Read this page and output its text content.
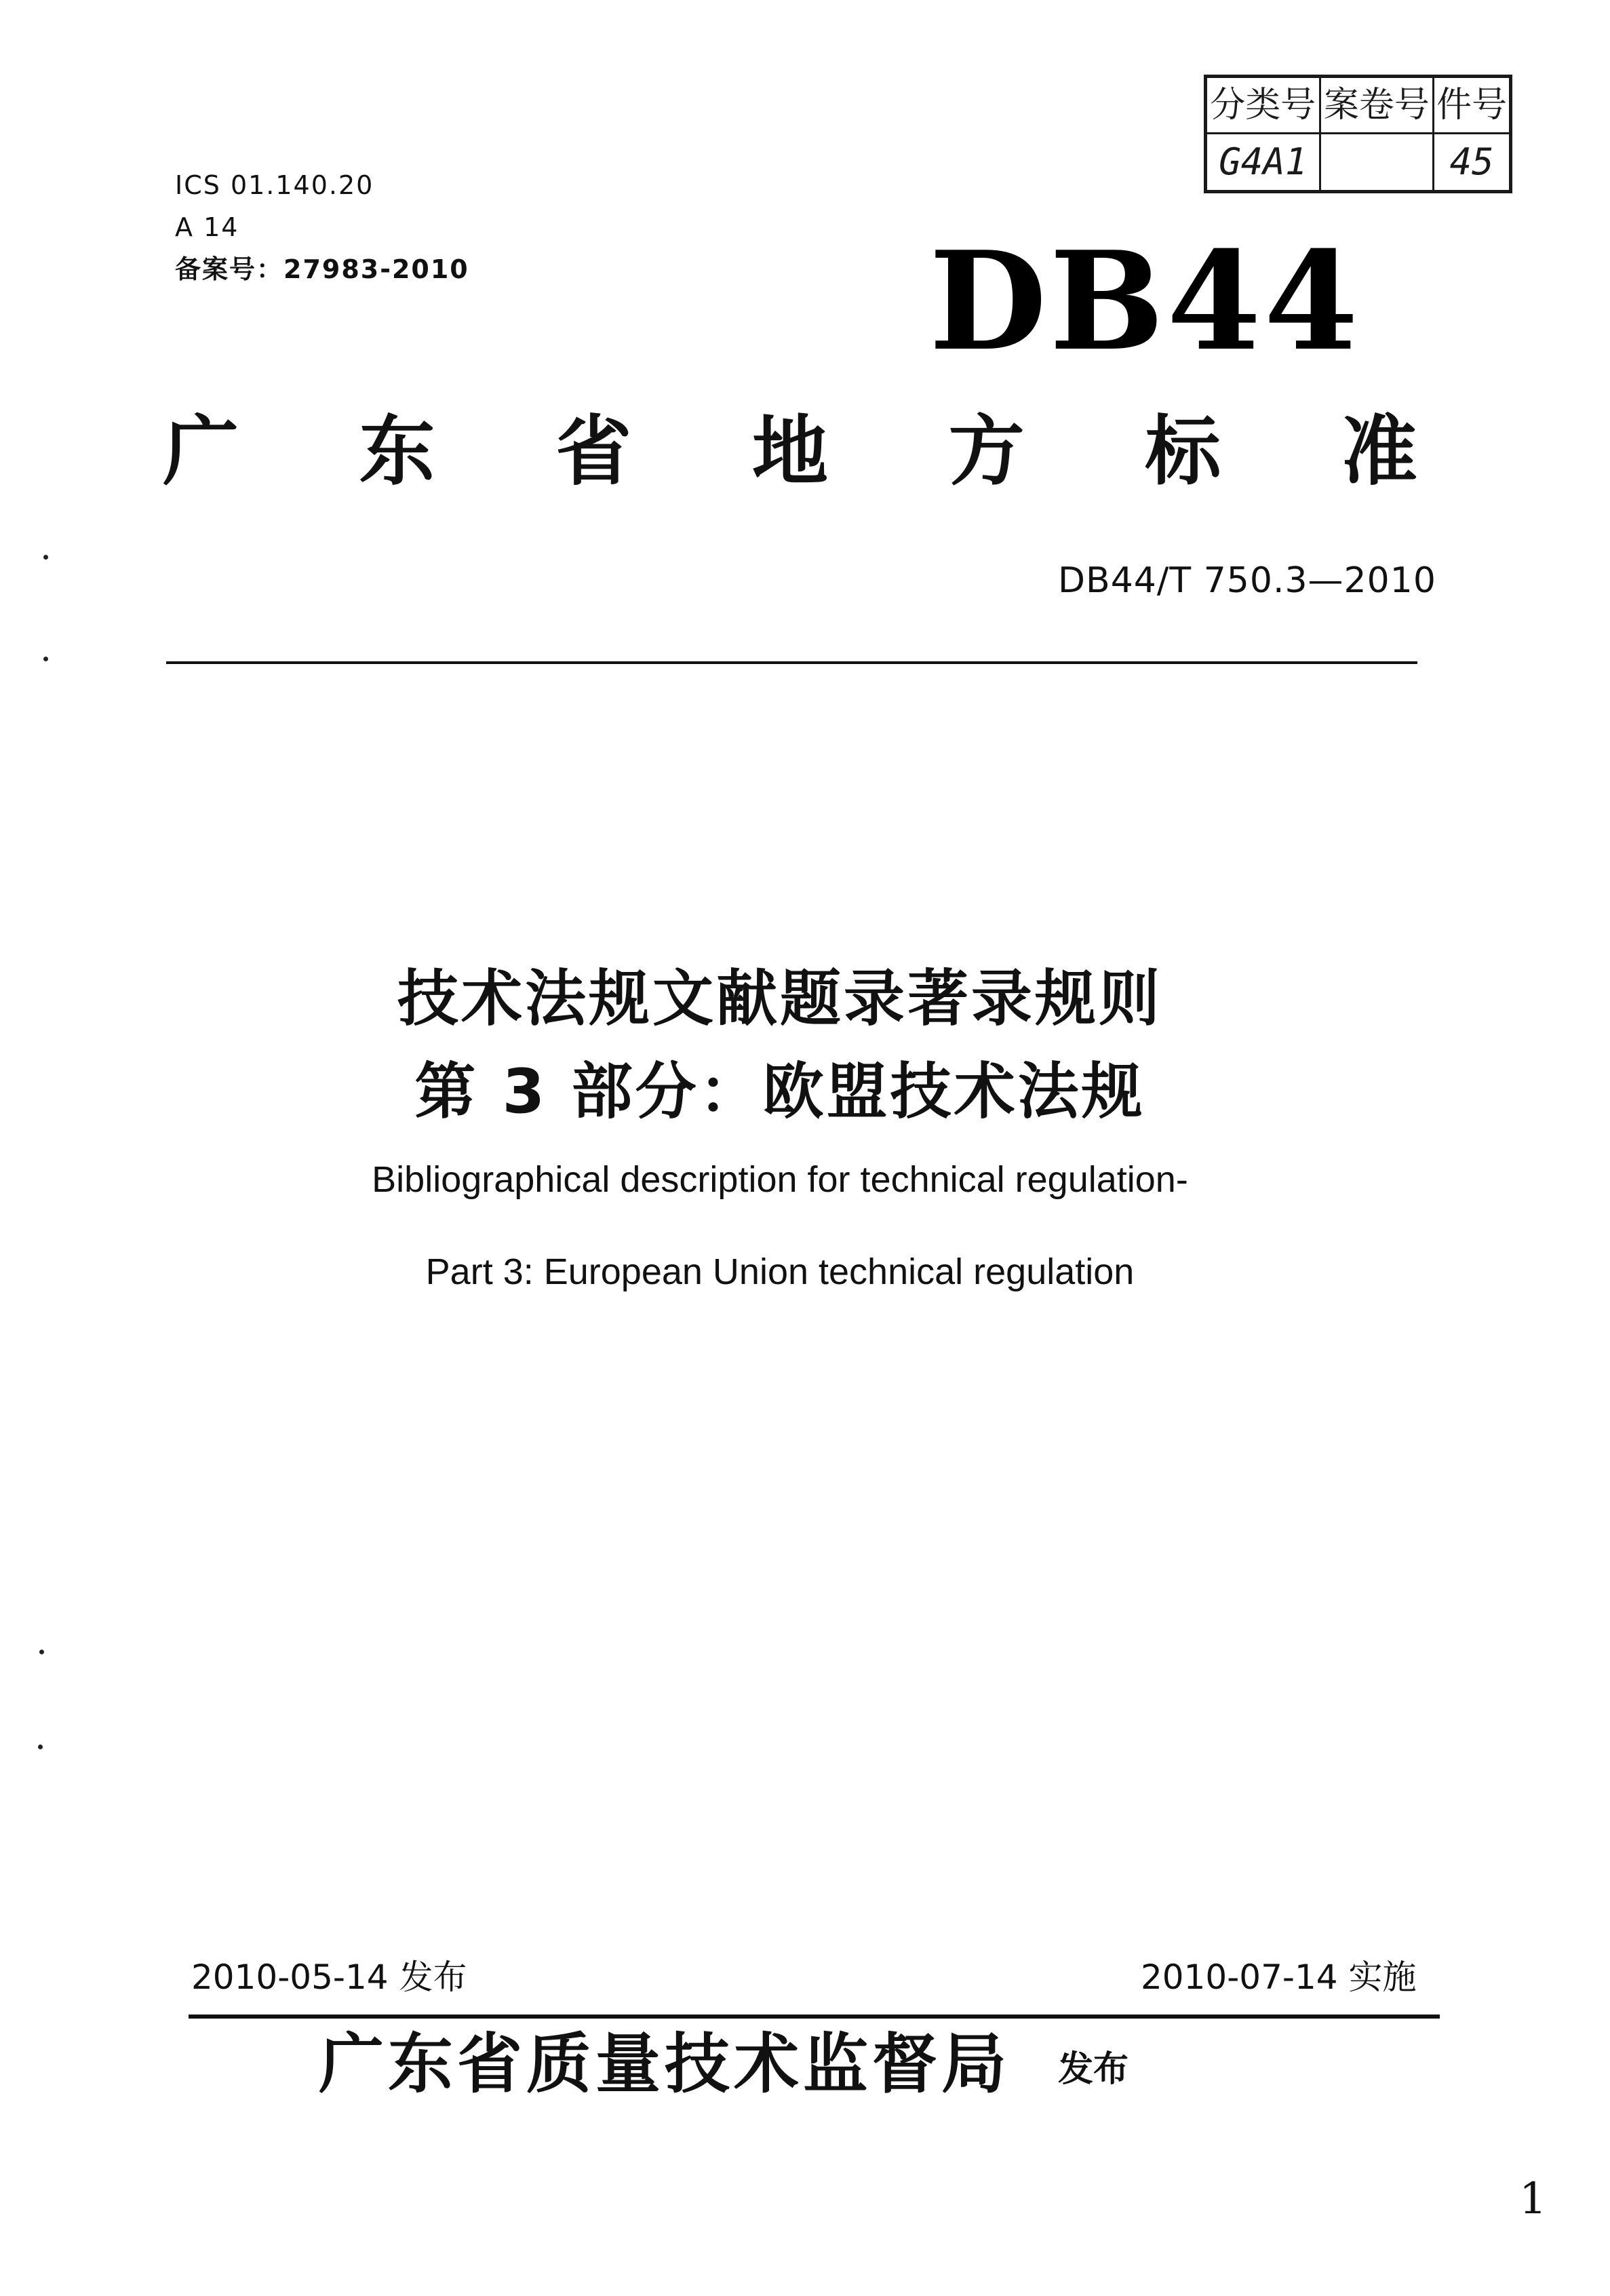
分类号	案卷号	件号
G4A1		45
ICS 01.140.20
A 14
备案号：27983-2010	DB44
广 东 省 地 方 标 准
DB44/T 750.3—2010
技术法规文献题录著录规则
第 3 部分：欧盟技术法规
Bibliographical description for technical regulation-
Part 3: European Union technical regulation
2010-05-14 发布	2010-07-14 实施
广东省质量技术监督局 发布
1
